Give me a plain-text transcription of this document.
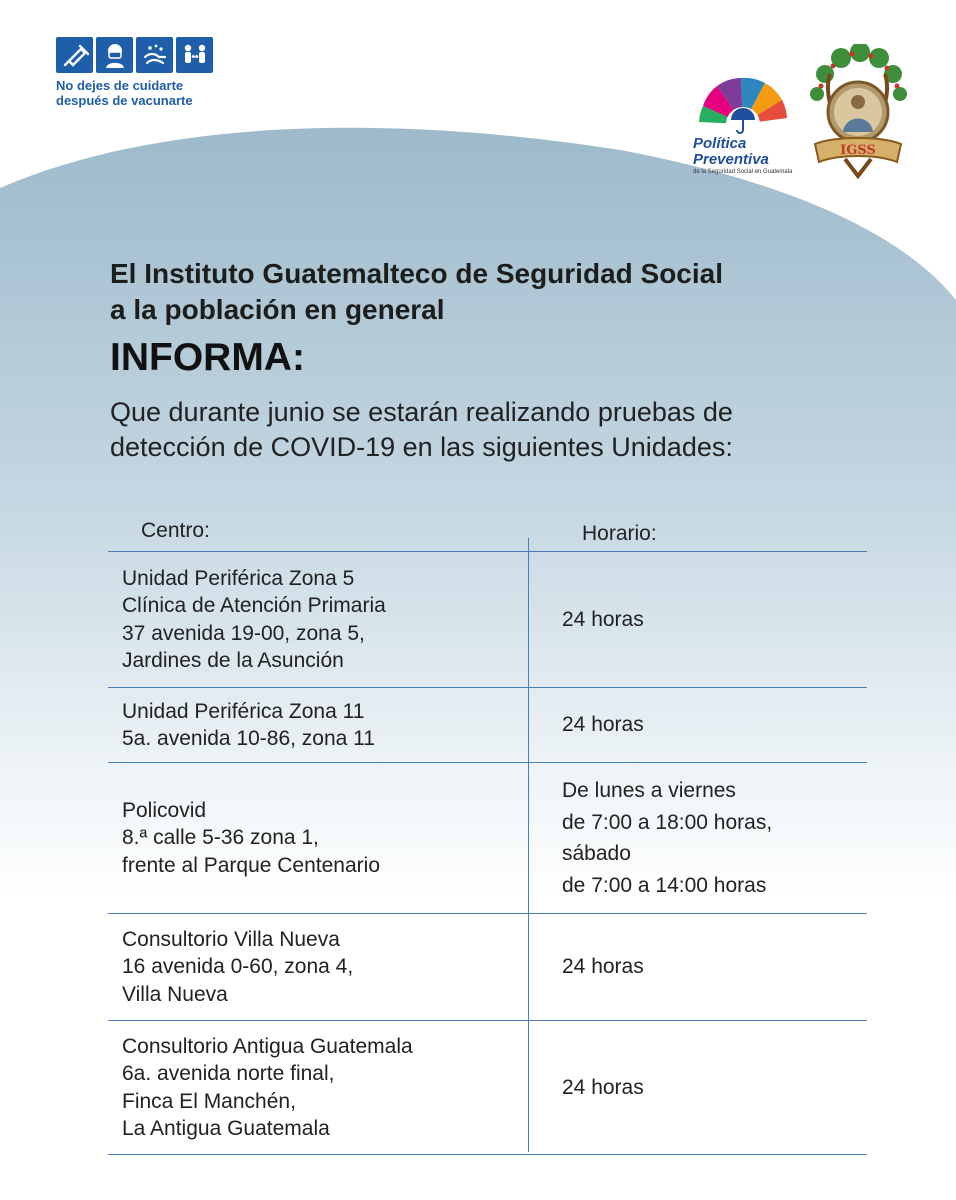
No dejes de cuidarte
después de vacunarte
Política
Preventiva
de la Seguridad Social en Guatemala
IGSS
El Instituto Guatemalteco de Seguridad Social
a la población en general
INFORMA:
Que durante junio se estarán realizando pruebas de
detección de COVID-19 en las siguientes Unidades:
Centro:	Horario:
Unidad Periférica Zona 5
Clínica de Atención Primaria
37 avenida 19-00, zona 5,
Jardines de la Asunción
24 horas
Unidad Periférica Zona 11
5a. avenida 10-86, zona 11
24 horas
Policovid
8.ª calle 5-36 zona 1,
frente al Parque Centenario
De lunes a viernes
de 7:00 a 18:00 horas,
sábado
de 7:00 a 14:00 horas
Consultorio Villa Nueva
16 avenida 0-60, zona 4,
Villa Nueva
24 horas
Consultorio Antigua Guatemala
6a. avenida norte final,
Finca El Manchén,
La Antigua Guatemala
24 horas
